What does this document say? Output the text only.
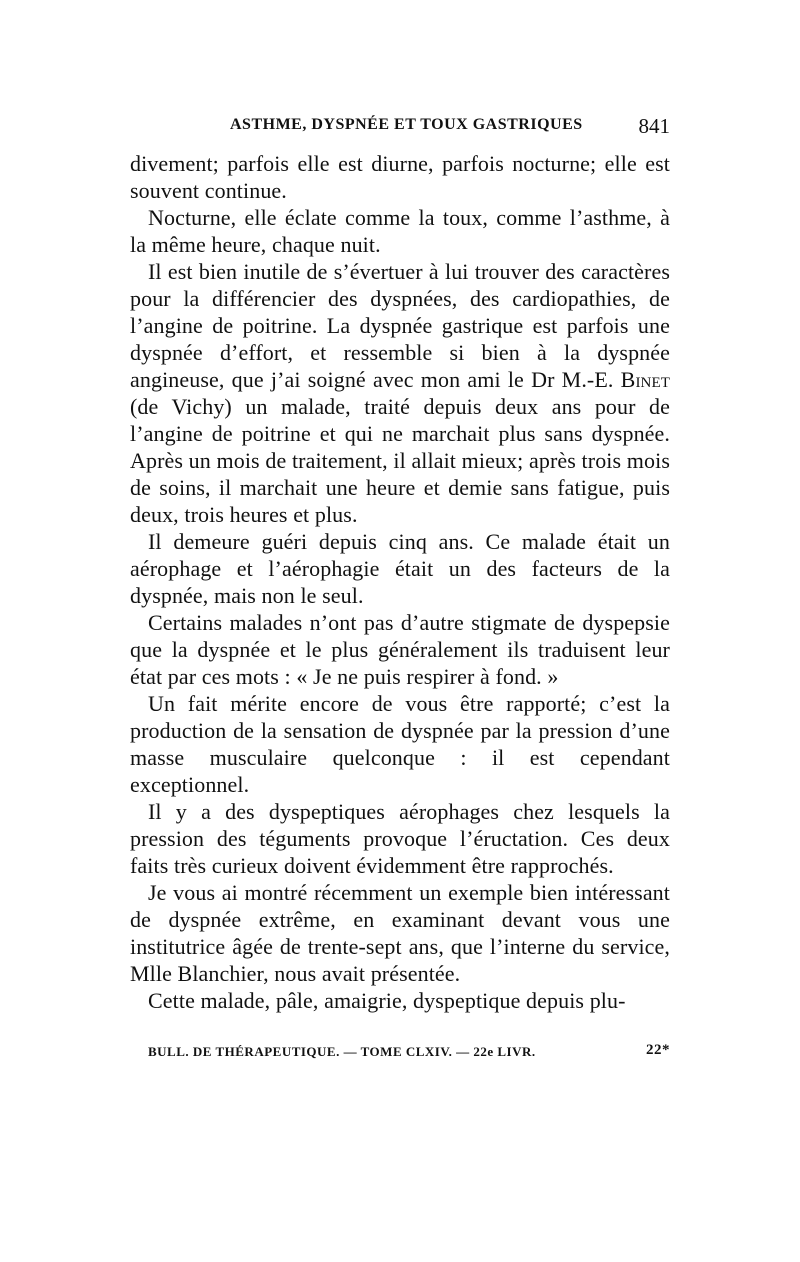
ASTHME, DYSPNÉE ET TOUX GASTRIQUES	841

divement; parfois elle est diurne, parfois nocturne; elle est souvent continue.

Nocturne, elle éclate comme la toux, comme l’asthme, à la même heure, chaque nuit.

Il est bien inutile de s’évertuer à lui trouver des caractères pour la différencier des dyspnées, des cardiopathies, de l’angine de poitrine. La dyspnée gastrique est parfois une dyspnée d’effort, et ressemble si bien à la dyspnée angineuse, que j’ai soigné avec mon ami le Dr M.-E. Binet (de Vichy) un malade, traité depuis deux ans pour de l’angine de poitrine et qui ne marchait plus sans dyspnée. Après un mois de traitement, il allait mieux; après trois mois de soins, il marchait une heure et demie sans fatigue, puis deux, trois heures et plus.

Il demeure guéri depuis cinq ans. Ce malade était un aérophage et l’aérophagie était un des facteurs de la dyspnée, mais non le seul.

Certains malades n’ont pas d’autre stigmate de dyspepsie que la dyspnée et le plus généralement ils traduisent leur état par ces mots : « Je ne puis respirer à fond. »

Un fait mérite encore de vous être rapporté; c’est la production de la sensation de dyspnée par la pression d’une masse musculaire quelconque : il est cependant exceptionnel.

Il y a des dyspeptiques aérophages chez lesquels la pression des téguments provoque l’éructation. Ces deux faits très curieux doivent évidemment être rapprochés.

Je vous ai montré récemment un exemple bien intéressant de dyspnée extrême, en examinant devant vous une institutrice âgée de trente-sept ans, que l’interne du service, Mlle Blanchier, nous avait présentée.

Cette malade, pâle, amaigrie, dyspeptique depuis plu-

BULL. DE THÉRAPEUTIQUE. — TOME CLXIV. — 22e LIVR.	22*
